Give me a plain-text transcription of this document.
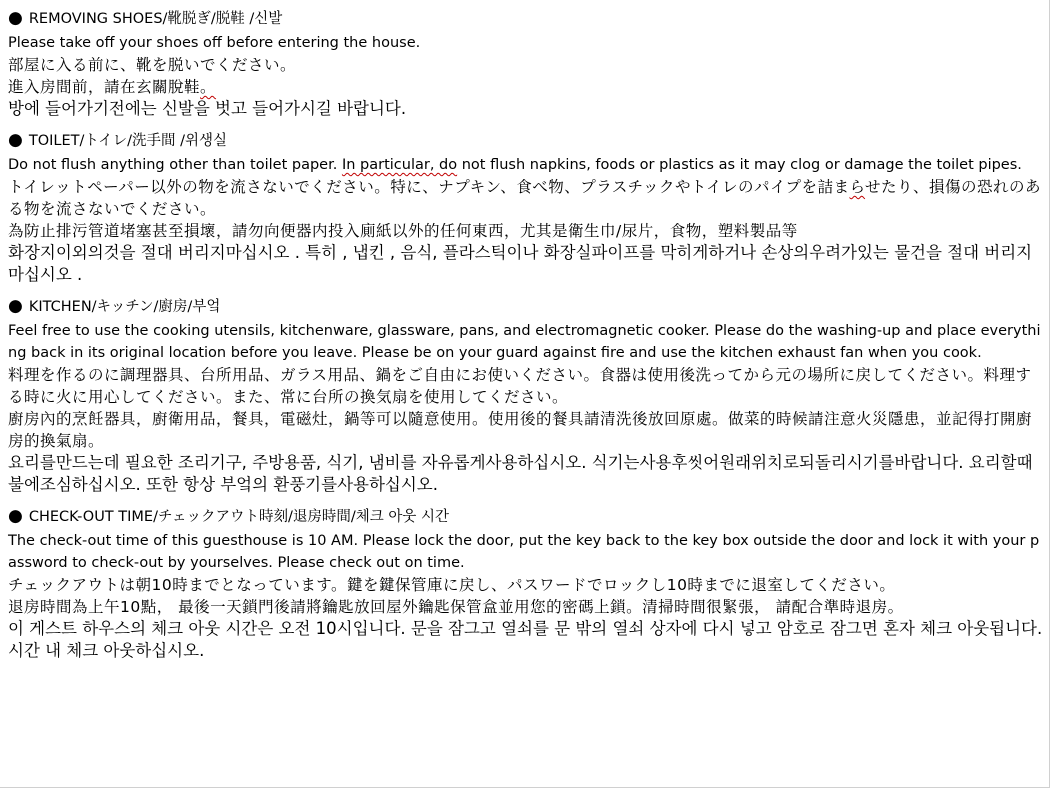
● REMOVING SHOES/靴脱ぎ/脱鞋 /신발

Please take off your shoes off before entering the house.

部屋に入る前に、靴を脱いでください。

進入房間前，請在玄關脫鞋。

방에 들어가기전에는 신발을 벗고 들어가시길 바랍니다.

● TOILET/トイレ/洗手間 /위생실

Do not flush anything other than toilet paper. In particular, do not flush napkins, foods or plastics as it may clog or damage the toilet pipes.

トイレットペーパー以外の物を流さないでください。特に、ナプキン、食べ物、プラスチックやトイレのパイプを詰まらせたり、損傷の恐れのある物を流さないでください。

為防止排污管道堵塞甚至損壞，請勿向便器内投入廁紙以外的任何東西，尤其是衛生巾/尿片，食物，塑料製品等

화장지이외의것을 절대 버리지마십시오 . 특히 , 냅킨 , 음식, 플라스틱이나 화장실파이프를 막히게하거나 손상의우려가있는 물건을 절대 버리지 마십시오 .

● KITCHEN/キッチン/廚房/부엌

Feel free to use the cooking utensils, kitchenware, glassware, pans, and electromagnetic cooker. Please do the washing-up and place everything back in its original location before you leave. Please be on your guard against fire and use the kitchen exhaust fan when you cook.

料理を作るのに調理器具、台所用品、ガラス用品、鍋をご自由にお使いください。食器は使用後洗ってから元の場所に戻してください。料理する時に火に用心してください。また、常に台所の換気扇を使用してください。

廚房內的烹飪器具，廚衛用品，餐具，電磁灶，鍋等可以隨意使用。使用後的餐具請清洗後放回原處。做菜的時候請注意火災隱患，並記得打開廚房的換氣扇。

요리를만드는데 필요한 조리기구, 주방용품, 식기, 냄비를 자유롭게사용하십시오. 식기는사용후씻어원래위치로되돌리시기를바랍니다. 요리할때불에조심하십시오. 또한 항상 부엌의 환풍기를사용하십시오.

● CHECK-OUT TIME/チェックアウト時刻/退房時間/체크 아웃 시간

The check-out time of this guesthouse is 10 AM. Please lock the door, put the key back to the key box outside the door and lock it with your password to check-out by yourselves. Please check out on time.

チェックアウトは朝10時までとなっています。鍵を鍵保管庫に戻し、パスワードでロックし10時までに退室してください。

退房時間為上午10點， 最後一天鎖門後請將鑰匙放回屋外鑰匙保管盒並用您的密碼上鎖。清掃時間很緊張， 請配合準時退房。

이 게스트 하우스의 체크 아웃 시간은 오전 10시입니다. 문을 잠그고 열쇠를 문 밖의 열쇠 상자에 다시 넣고 암호로 잠그면 혼자 체크 아웃됩니다. 시간 내 체크 아웃하십시오.
